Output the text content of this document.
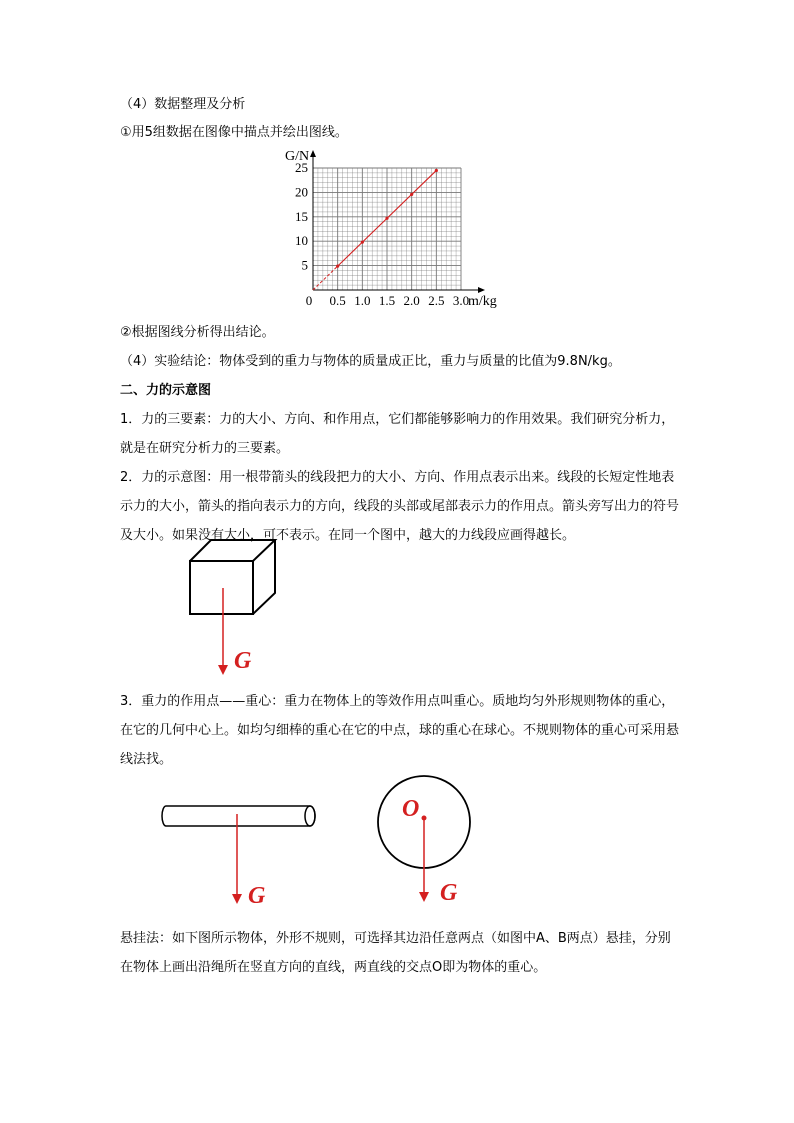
（4）数据整理及分析
①用5组数据在图像中描点并绘出图线。
0 0.5 1.0 1.5 2.0 2.5 3.0
5
10
15
20
25
G/N
m/kg
②根据图线分析得出结论。
（4）实验结论：物体受到的重力与物体的质量成正比，重力与质量的比值为9.8N/kg。
二、力的示意图
1．力的三要素：力的大小、方向、和作用点，它们都能够影响力的作用效果。我们研究分析力，就是在研究分析力的三要素。
2．力的示意图：用一根带箭头的线段把力的大小、方向、作用点表示出来。线段的长短定性地表示力的大小，箭头的指向表示力的方向，线段的头部或尾部表示力的作用点。箭头旁写出力的符号及大小。如果没有大小，可不表示。在同一个图中，越大的力线段应画得越长。
G
3．重力的作用点——重心：重力在物体上的等效作用点叫重心。质地均匀外形规则物体的重心，在它的几何中心上。如均匀细棒的重心在它的中点，球的重心在球心。不规则物体的重心可采用悬线法找。
G
O
G
悬挂法：如下图所示物体，外形不规则，可选择其边沿任意两点（如图中A、B两点）悬挂，分别在物体上画出沿绳所在竖直方向的直线，两直线的交点O即为物体的重心。
